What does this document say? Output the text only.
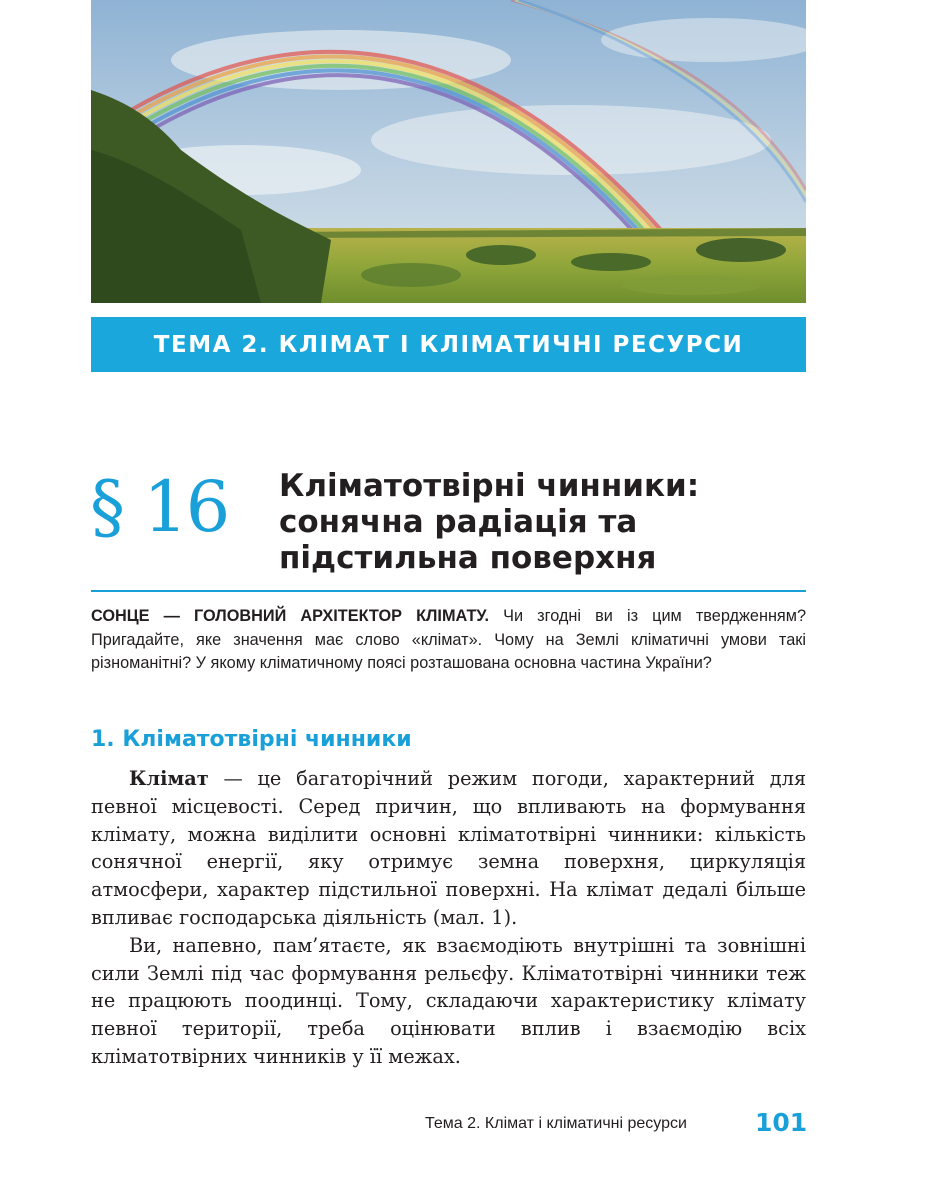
ТЕМА 2. КЛІМАТ І КЛІМАТИЧНІ РЕСУРСИ
§ 16 Кліматотвірні чинники:
сонячна радіація та
підстильна поверхня

СОНЦЕ — ГОЛОВНИЙ АРХІТЕКТОР КЛІМАТУ. Чи згодні ви із цим твердженням? Пригадайте, яке значення має слово «клімат». Чому на Землі кліматичні умови такі різноманітні? У якому кліматичному поясі розташована основна частина України?

1. Кліматотвірні чинники

Клімат — це багаторічний режим погоди, характерний для певної місцевості. Серед причин, що впливають на формування клімату, можна виділити основні кліматотвірні чинники: кількість сонячної енергії, яку отримує земна поверхня, циркуляція атмосфери, характер підстильної поверхні. На клімат дедалі більше впливає господарська діяльність (мал. 1).

Ви, напевно, пам’ятаєте, як взаємодіють внутрішні та зовнішні сили Землі під час формування рельєфу. Кліматотвірні чинники теж не працюють поодинці. Тому, складаючи характеристику клімату певної території, треба оцінювати вплив і взаємодію всіх кліматотвірних чинників у її межах.

Тема 2. Клімат і кліматичні ресурси	101
